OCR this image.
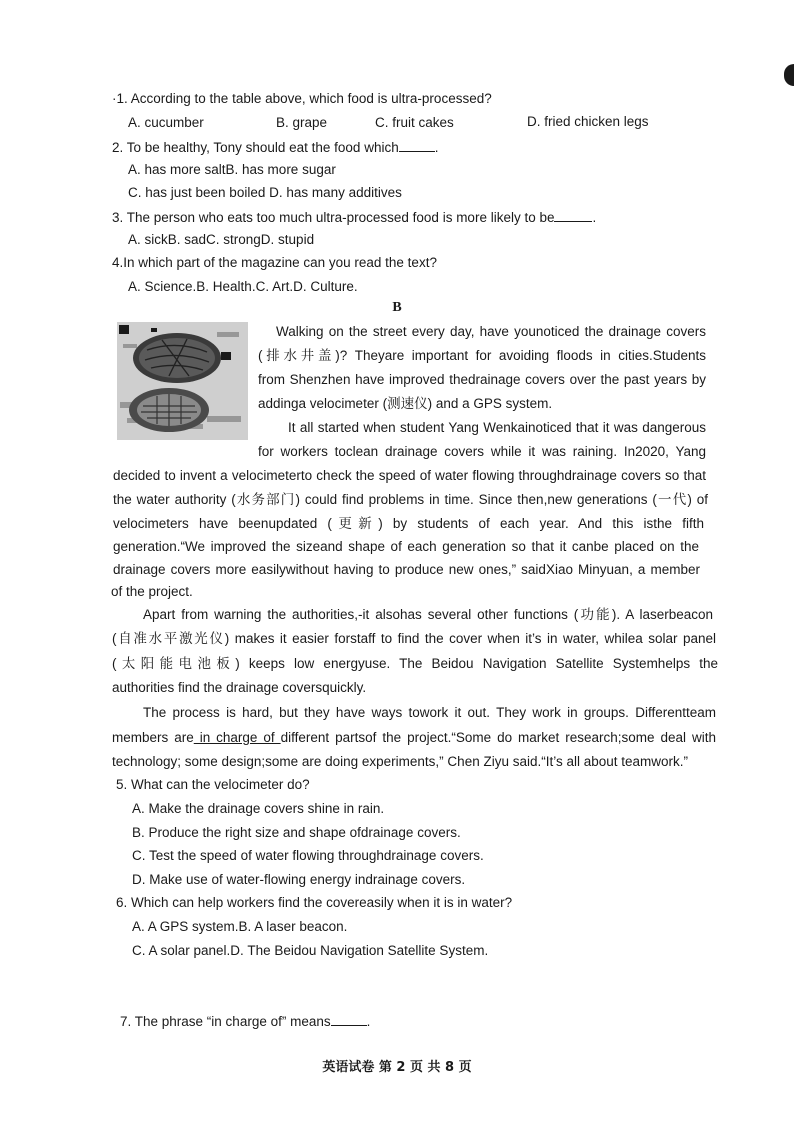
·1. According to the table above, which food is ultra-processed?
A. cucumber	B. grape	C. fruit cakes	D. fried chicken legs
2. To be healthy, Tony should eat the food which	.
A. has more saltB. has more sugar
C. has just been boiled D. has many additives
3. The person who eats too much ultra-processed food is more likely to be	.
A. sickB. sadC. strongD. stupid
4.In which part of the magazine can you read the text?
A. Science.B. Health.C. Art.D. Culture.
B
Walking on the street every day, have younoticed the drainage covers
(排水井盖)? Theyare important for avoiding floods in cities.Students
from Shenzhen have improved thedrainage covers over the past years by
addinga velocimeter (测速仪) and a GPS system.
It all started when student Yang Wenkainoticed that it was dangerous
for workers toclean drainage covers while it was raining. In2020, Yang
decided to invent a velocimeterto check the speed of water flowing throughdrainage covers so that
the water authority (水务部门) could find problems in time. Since then,new generations (一代) of
velocimeters have beenupdated (更新) by students of each year. And this isthe fifth
generation.“We improved the sizeand shape of each generation so that it canbe placed on the
drainage covers more easilywithout having to produce new ones,” saidXiao Minyuan, a member
of the project.
Apart from warning the authorities,-it alsohas several other functions (功能). A laserbeacon
(自准水平激光仪) makes it easier forstaff to find the cover when it’s in water, whilea solar panel
(太阳能电池板) keeps low energyuse. The Beidou Navigation Satellite Systemhelps the
authorities find the drainage coversquickly.
The process is hard, but they have ways towork it out. They work in groups. Differentteam
members are in charge of different partsof the project.“Some do market research;some deal with
technology; some design;some are doing experiments,” Chen Ziyu said.“It’s all about teamwork.”
5. What can the velocimeter do?
A. Make the drainage covers shine in rain.
B. Produce the right size and shape ofdrainage covers.
C. Test the speed of water flowing throughdrainage covers.
D. Make use of water-flowing energy indrainage covers.
6. Which can help workers find the covereasily when it is in water?
A. A GPS system.B. A laser beacon.
C. A solar panel.D. The Beidou Navigation Satellite System.
7. The phrase “in charge of” means	.
英语试卷 第 2 页 共 8 页
